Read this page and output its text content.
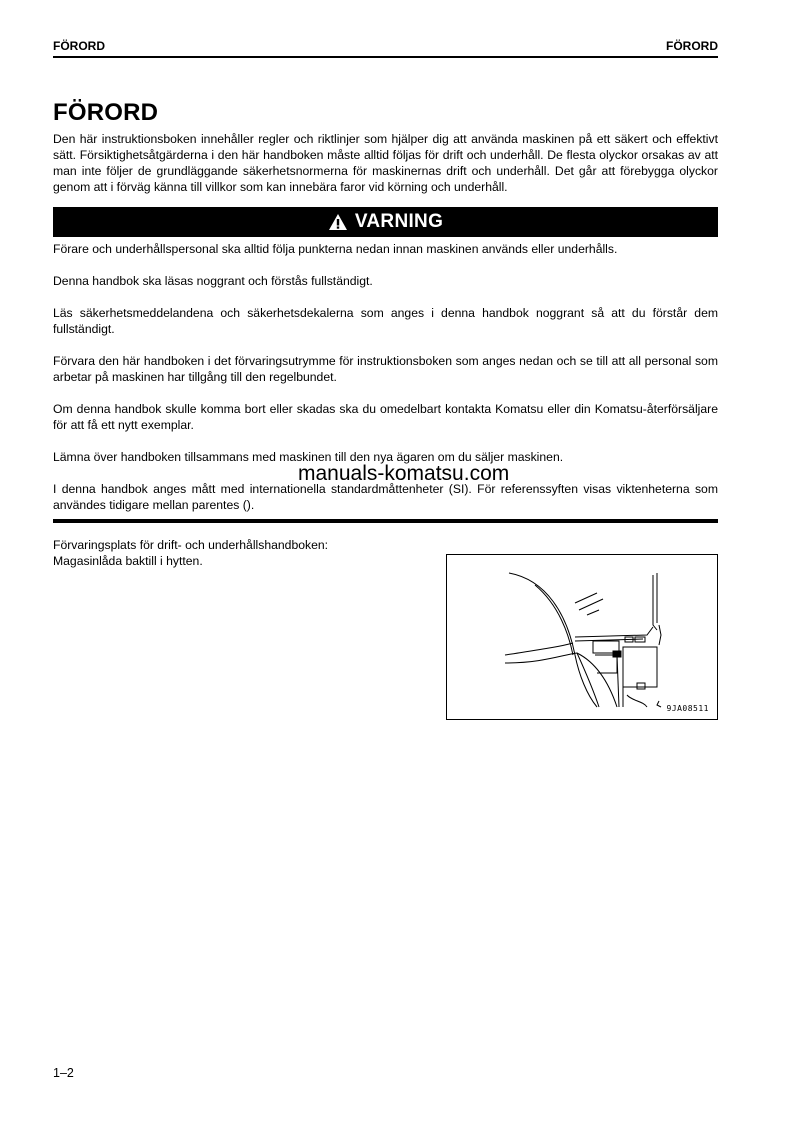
FÖRORD	FÖRORD
FÖRORD
Den här instruktionsboken innehåller regler och riktlinjer som hjälper dig att använda maskinen på ett säkert och effektivt sätt. Försiktighetsåtgärderna i den här handboken måste alltid följas för drift och underhåll. De flesta olyckor orsakas av att man inte följer de grundläggande säkerhetsnormerna för maskinernas drift och underhåll. Det går att förebygga olyckor genom att i förväg känna till villkor som kan innebära faror vid körning och underhåll.
VARNING

Förare och underhållspersonal ska alltid följa punkterna nedan innan maskinen används eller underhålls.

Denna handbok ska läsas noggrant och förstås fullständigt.

Läs säkerhetsmeddelandena och säkerhetsdekalerna som anges i denna handbok noggrant så att du förstår dem fullständigt.

Förvara den här handboken i det förvaringsutrymme för instruktionsboken som anges nedan och se till att all personal som arbetar på maskinen har tillgång till den regelbundet.

Om denna handbok skulle komma bort eller skadas ska du omedelbart kontakta Komatsu eller din Komatsu-återförsäljare för att få ett nytt exemplar.

Lämna över handboken tillsammans med maskinen till den nya ägaren om du säljer maskinen.

I denna handbok anges mått med internationella standardmåttenheter (SI). För referenssyften visas viktenheterna som användes tidigare mellan parentes ().

manuals-komatsu.com

Förvaringsplats för drift- och underhållshandboken:

Magasinlåda baktill i hytten.

9JA08511
1–2
